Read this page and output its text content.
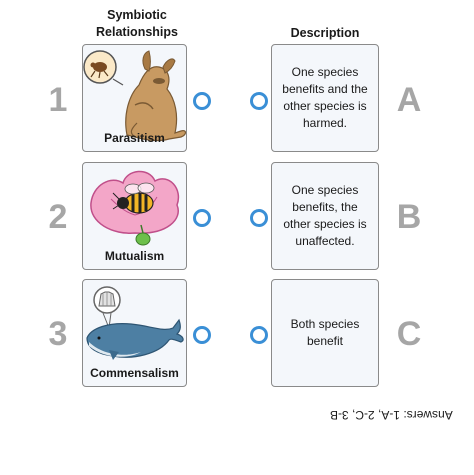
Symbiotic
Relationships	Description
1
Parasitism
One species benefits and the other species is harmed.
A
2
Mutualism
One species benefits, the other species is unaffected.
B
3
Commensalism
Both species benefit	C
Answers: 1-A, 2-C, 3-B
